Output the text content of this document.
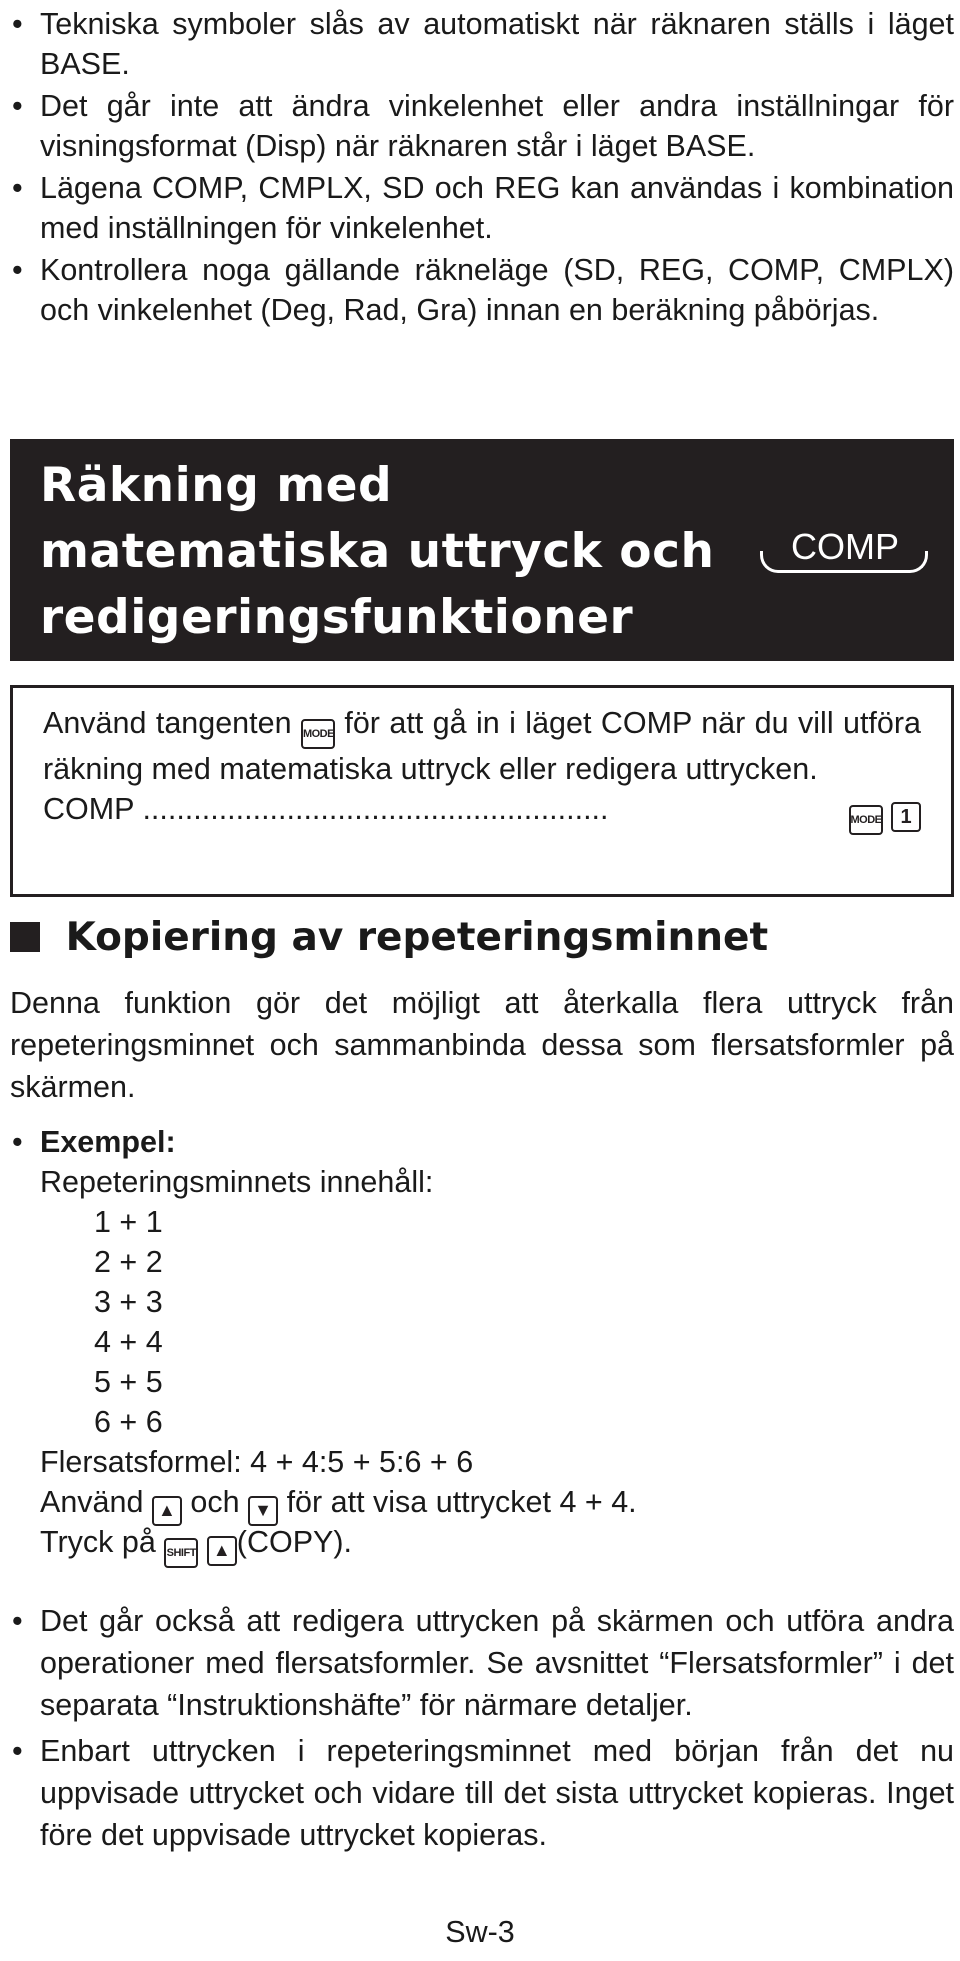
• Tekniska symboler slås av automatiskt när räknaren ställs i läget BASE.
• Det går inte att ändra vinkelenhet eller andra inställningar för visningsformat (Disp) när räknaren står i läget BASE.
• Lägena COMP, CMPLX, SD och REG kan användas i kombination med inställningen för vinkelenhet.
• Kontrollera noga gällande räkneläge (SD, REG, COMP, CMPLX) och vinkelenhet (Deg, Rad, Gra) innan en beräkning påbörjas.
Räkning med
matematiska uttryck och
redigeringsfunktioner
COMP

Använd tangenten MODE för att gå in i läget COMP när du vill utföra räkning med matematiska uttryck eller redigera uttrycken.

COMP .......................................................	MODE 1

Kopiering av repeteringsminnet

Denna funktion gör det möjligt att återkalla flera uttryck från repeteringsminnet och sammanbinda dessa som flersatsformler på skärmen.

• Exempel:
Repeteringsminnets innehåll:
1 + 1
2 + 2
3 + 3
4 + 4
5 + 5
6 + 6
Flersatsformel: 4 + 4:5 + 5:6 + 6
Använd ▲ och ▼ för att visa uttrycket 4 + 4.
Tryck på SHIFT ▲ (COPY).
• Det går också att redigera uttrycken på skärmen och utföra andra operationer med flersatsformler. Se avsnittet “Flersatsformler” i det separata “Instruktionshäfte” för närmare detaljer.
• Enbart uttrycken i repeteringsminnet med början från det nu uppvisade uttrycket och vidare till det sista uttrycket kopieras. Inget före det uppvisade uttrycket kopieras.
Sw-3
